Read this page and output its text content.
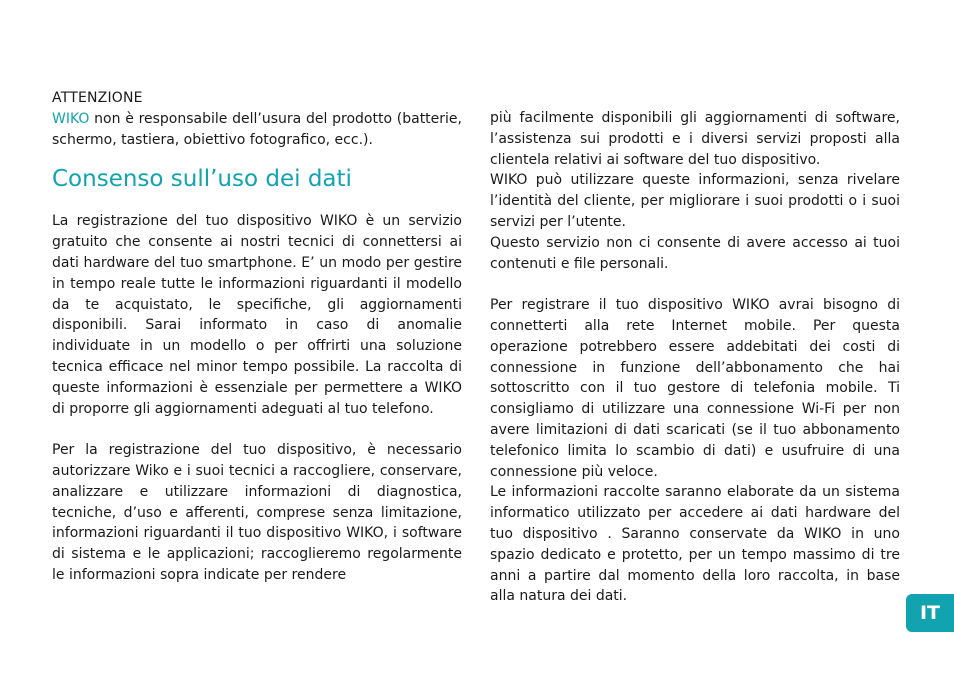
ATTENZIONE
WIKO non è responsabile dell’usura del prodotto (batterie, schermo, tastiera, obiettivo fotografico, ecc.).
Consenso sull’uso dei dati

La registrazione del tuo dispositivo WIKO è un servizio gratuito che consente ai nostri tecnici di connettersi ai dati hardware del tuo smartphone. E’ un modo per gestire in tempo reale tutte le informazioni riguardanti il modello da te acquistato, le specifiche, gli aggiornamenti disponibili. Sarai informato in caso di anomalie individuate in un modello o per offrirti una soluzione tecnica efficace nel minor tempo possibile. La raccolta di queste informazioni è essenziale per permettere a WIKO di proporre gli aggiornamenti adeguati al tuo telefono.

Per la registrazione del tuo dispositivo, è necessario autorizzare Wiko e i suoi tecnici a raccogliere, conservare, analizzare e utilizzare informazioni di diagnostica, tecniche, d’uso e afferenti, comprese senza limitazione, informazioni riguardanti il tuo dispositivo WIKO, i software di sistema e le applicazioni; raccoglieremo regolarmente le informazioni sopra indicate per rendere

più facilmente disponibili gli aggiornamenti di software, l’assistenza sui prodotti e i diversi servizi proposti alla clientela relativi ai software del tuo dispositivo.

WIKO può utilizzare queste informazioni, senza rivelare l’identità del cliente, per migliorare i suoi prodotti o i suoi servizi per l’utente.

Questo servizio non ci consente di avere accesso ai tuoi contenuti e file personali.

Per registrare il tuo dispositivo WIKO avrai bisogno di connetterti alla rete Internet mobile. Per questa operazione potrebbero essere addebitati dei costi di connessione in funzione dell’abbonamento che hai sottoscritto con il tuo gestore di telefonia mobile. Ti consigliamo di utilizzare una connessione Wi-Fi per non avere limitazioni di dati scaricati (se il tuo abbonamento telefonico limita lo scambio di dati) e usufruire di una connessione più veloce.

Le informazioni raccolte saranno elaborate da un sistema informatico utilizzato per accedere ai dati hardware del tuo dispositivo . Saranno conservate da WIKO in uno spazio dedicato e protetto, per un tempo massimo di tre anni a partire dal momento della loro raccolta, in base alla natura dei dati.

IT
